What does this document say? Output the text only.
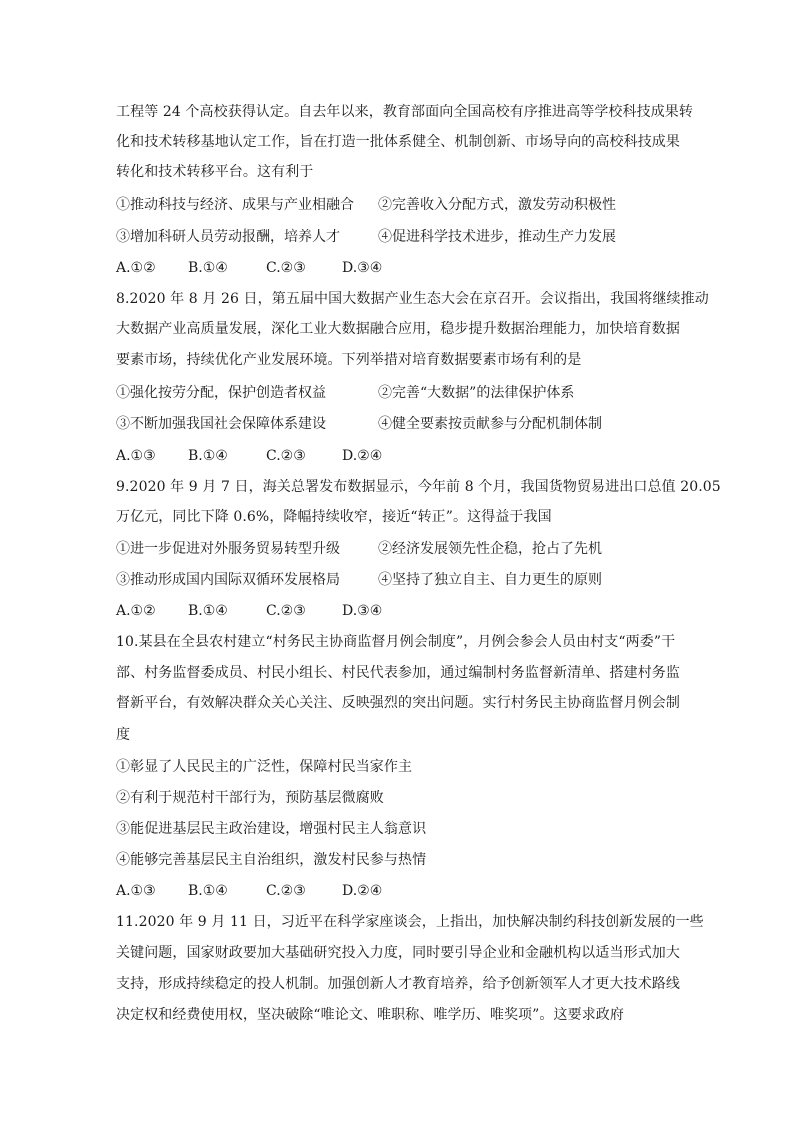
工程等 24 个高校获得认定。自去年以来，教育部面向全国高校有序推进高等学校科技成果转
化和技术转移基地认定工作，旨在打造一批体系健全、机制创新、市场导向的高校科技成果
转化和技术转移平台。这有利于
①推动科技与经济、成果与产业相融合 ②完善收入分配方式，激发劳动积极性
③增加科研人员劳动报酬，培养人才	④促进科学技术进步，推动生产力发展
A.①② B.①④	C.②③	D.③④
8.2020 年 8 月 26 日，第五届中国大数据产业生态大会在京召开。会议指出，我国将继续推动
大数据产业高质量发展，深化工业大数据融合应用，稳步提升数据治理能力，加快培育数据
要素市场，持续优化产业发展环境。下列举措对培育数据要素市场有利的是
①强化按劳分配，保护创造者权益	②完善“大数据”的法律保护体系
③不断加强我国社会保障体系建设	④健全要素按贡献参与分配机制体制
A.①③ B.①④	C.②③	D.②④
9.2020 年 9 月 7 日，海关总署发布数据显示，今年前 8 个月，我国货物贸易进出口总值 20.05
万亿元，同比下降 0.6%，降幅持续收窄，接近“转正”。这得益于我国
①进一步促进对外服务贸易转型升级	②经济发展领先性企稳，抢占了先机
③推动形成国内国际双循环发展格局	④坚持了独立自主、自力更生的原则
A.①② B.①④	C.②③	D.③④
10.某县在全县农村建立“村务民主协商监督月例会制度”，月例会参会人员由村支“两委”干
部、村务监督委成员、村民小组长、村民代表参加，通过编制村务监督新清单、搭建村务监
督新平台，有效解决群众关心关注、反映强烈的突出问题。实行村务民主协商监督月例会制
度
①彰显了人民民主的广泛性，保障村民当家作主
②有利于规范村干部行为，预防基层微腐败
③能促进基层民主政治建设，增强村民主人翁意识
④能够完善基层民主自治组织，激发村民参与热情
A.①③ B.①④	C.②③	D.②④
11.2020 年 9 月 11 日，习近平在科学家座谈会，上指出，加快解决制约科技创新发展的一些
关键问题，国家财政要加大基础研究投入力度，同时要引导企业和金融机构以适当形式加大
支持，形成持续稳定的投人机制。加强创新人才教育培养，给予创新领军人才更大技术路线
决定权和经费使用权，坚决破除“唯论文、唯职称、唯学历、唯奖项”。这要求政府
